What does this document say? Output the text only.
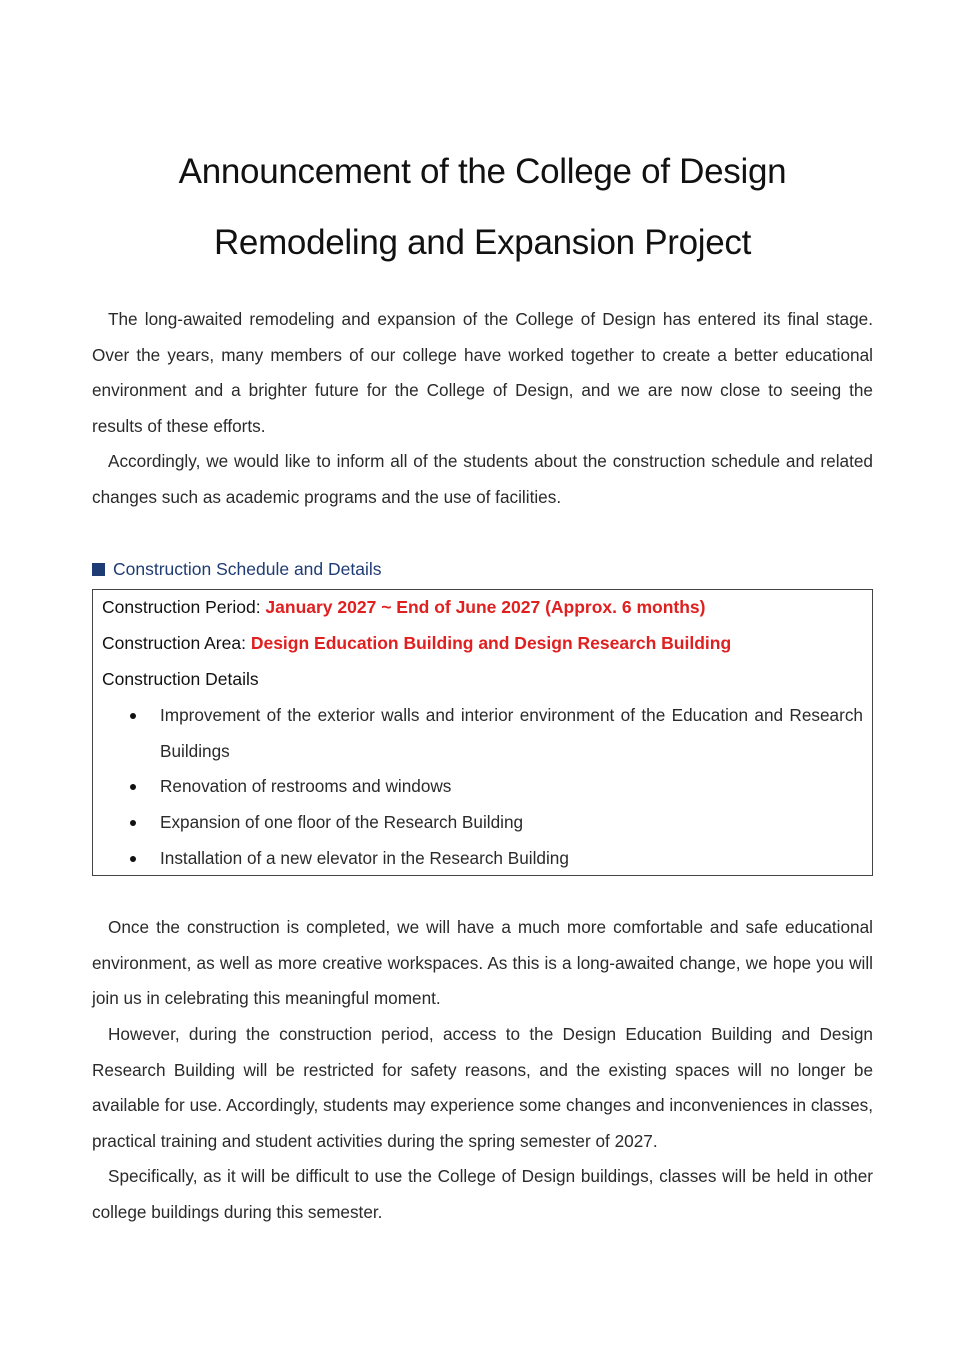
Announcement of the College of Design
Remodeling and Expansion Project

The long-awaited remodeling and expansion of the College of Design has entered its final stage. Over the years, many members of our college have worked together to create a better educational environment and a brighter future for the College of Design, and we are now close to seeing the results of these efforts.

Accordingly, we would like to inform all of the students about the construction schedule and related changes such as academic programs and the use of facilities.

Construction Schedule and Details

Construction Period: January 2027 ~ End of June 2027 (Approx. 6 months)

Construction Area: Design Education Building and Design Research Building

Construction Details

Improvement of the exterior walls and interior environment of the Education and Research Buildings
Renovation of restrooms and windows
Expansion of one floor of the Research Building
Installation of a new elevator in the Research Building

Once the construction is completed, we will have a much more comfortable and safe educational environment, as well as more creative workspaces. As this is a long-awaited change, we hope you will join us in celebrating this meaningful moment.

However, during the construction period, access to the Design Education Building and Design Research Building will be restricted for safety reasons, and the existing spaces will no longer be available for use. Accordingly, students may experience some changes and inconveniences in classes, practical training and student activities during the spring semester of 2027.

Specifically, as it will be difficult to use the College of Design buildings, classes will be held in other college buildings during this semester.
